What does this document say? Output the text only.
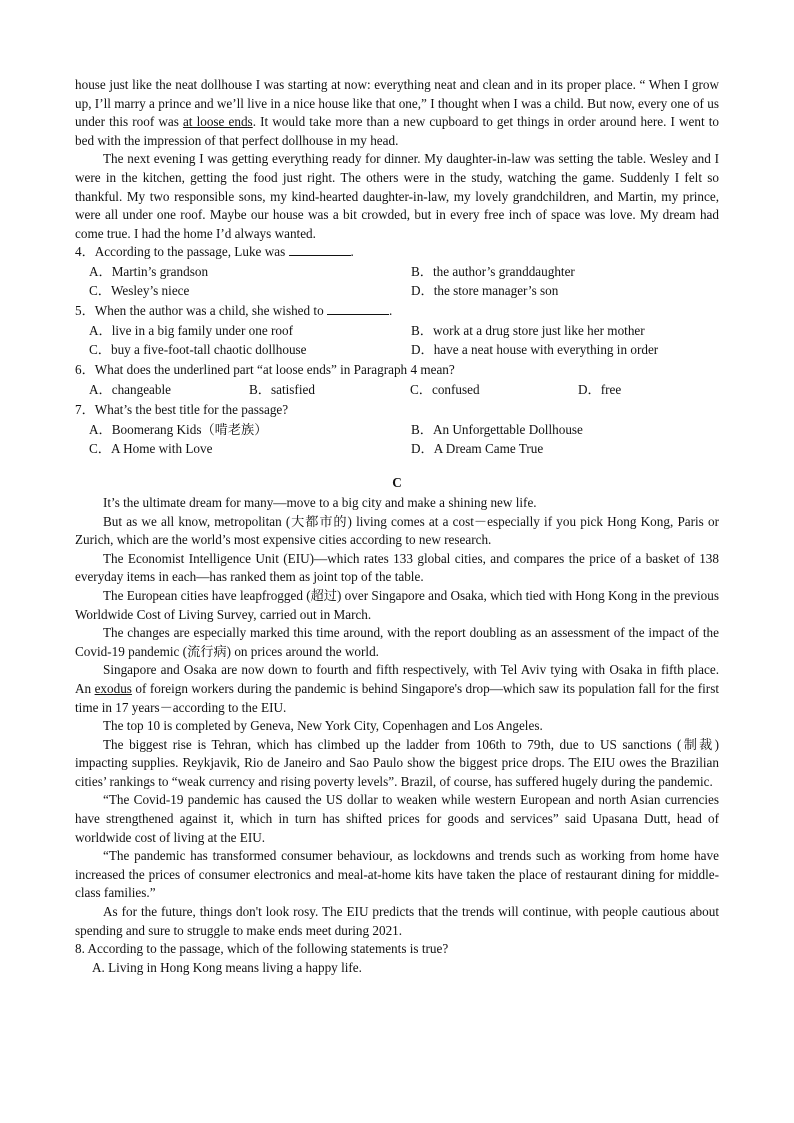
house just like the neat dollhouse I was starting at now: everything neat and clean and in its proper place. “ When I grow up, I’ll marry a prince and we’ll live in a nice house like that one,” I thought when I was a child. But now, every one of us under this roof was at loose ends. It would take more than a new cupboard to get things in order around here. I went to bed with the impression of that perfect dollhouse in my head.

The next evening I was getting everything ready for dinner. My daughter-in-law was setting the table. Wesley and I were in the kitchen, getting the food just right. The others were in the study, watching the game. Suddenly I felt so thankful. My two responsible sons, my kind-hearted daughter-in-law, my lovely grandchildren, and Martin, my prince, were all under one roof. Maybe our house was a bit crowded, but in every free inch of space was love. My dream had come true. I had the home I’d always wanted.

4．According to the passage, Luke was	.

A．Martin’s grandson	B．the author’s granddaughter
C．Wesley’s niece	D．the store manager’s son

5．When the author was a child, she wished to	.

A．live in a big family under one roof	B．work at a drug store just like her mother
C．buy a five-foot-tall chaotic dollhouse	D．have a neat house with everything in order

6．What does the underlined part “at loose ends” in Paragraph 4 mean?

A．changeable	B．satisfied	C．confused	D．free

7．What’s the best title for the passage?

A．Boomerang Kids（啃老族）	B．An Unforgettable Dollhouse
C．A Home with Love	D．A Dream Came True

C

It’s the ultimate dream for many—move to a big city and make a shining new life.

But as we all know, metropolitan (大都市的) living comes at a cost－especially if you pick Hong Kong, Paris or Zurich, which are the world’s most expensive cities according to new research.

The Economist Intelligence Unit (EIU)—which rates 133 global cities, and compares the price of a basket of 138 everyday items in each—has ranked them as joint top of the table.

The European cities have leapfrogged (超过) over Singapore and Osaka, which tied with Hong Kong in the previous Worldwide Cost of Living Survey, carried out in March.

The changes are especially marked this time around, with the report doubling as an assessment of the impact of the Covid-19 pandemic (流行病) on prices around the world.

Singapore and Osaka are now down to fourth and fifth respectively, with Tel Aviv tying with Osaka in fifth place. An exodus of foreign workers during the pandemic is behind Singapore's drop—which saw its population fall for the first time in 17 years－according to the EIU.

The top 10 is completed by Geneva, New York City, Copenhagen and Los Angeles.

The biggest rise is Tehran, which has climbed up the ladder from 106th to 79th, due to US sanctions (制裁) impacting supplies. Reykjavik, Rio de Janeiro and Sao Paulo show the biggest price drops. The EIU owes the Brazilian cities’ rankings to “weak currency and rising poverty levels”. Brazil, of course, has suffered hugely during the pandemic.

“The Covid-19 pandemic has caused the US dollar to weaken while western European and north Asian currencies have strengthened against it, which in turn has shifted prices for goods and services” said Upasana Dutt, head of worldwide cost of living at the EIU.

“The pandemic has transformed consumer behaviour, as lockdowns and trends such as working from home have increased the prices of consumer electronics and meal-at-home kits have taken the place of restaurant dining for middle-class families.”

As for the future, things don't look rosy. The EIU predicts that the trends will continue, with people cautious about spending and sure to struggle to make ends meet during 2021.

8. According to the passage, which of the following statements is true?

A. Living in Hong Kong means living a happy life.
